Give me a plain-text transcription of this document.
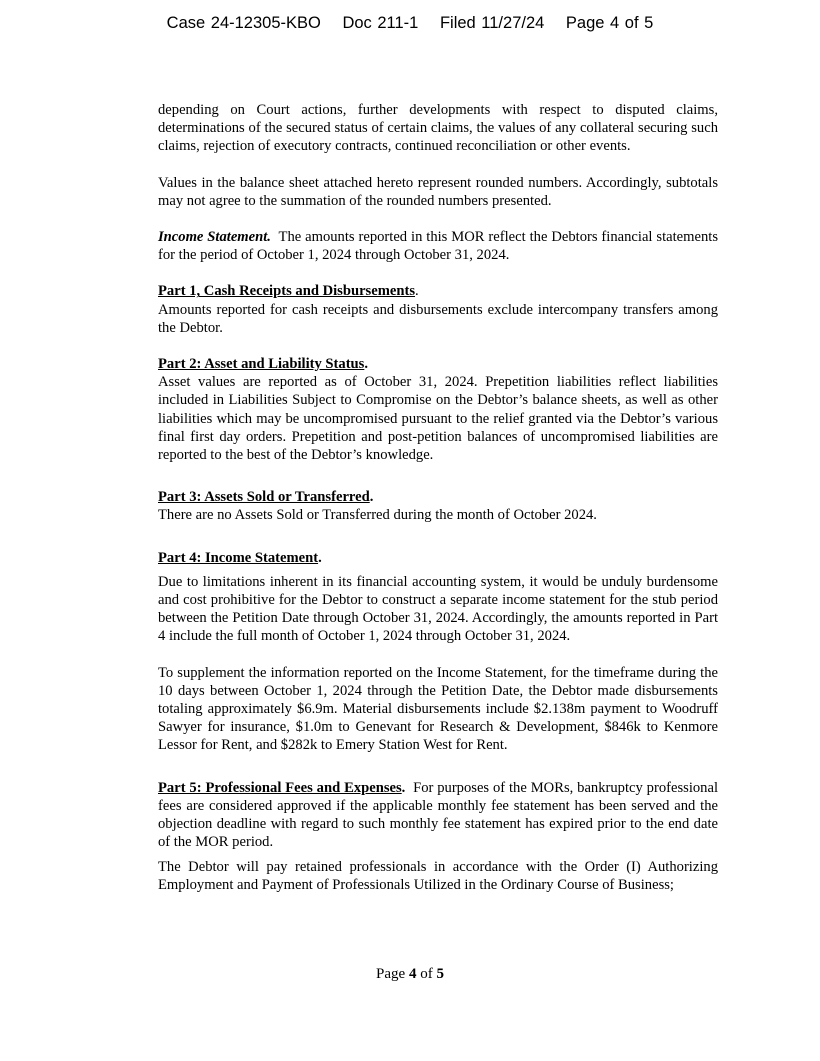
Case 24-12305-KBO Doc 211-1 Filed 11/27/24 Page 4 of 5

depending on Court actions, further developments with respect to disputed claims, determinations of the secured status of certain claims, the values of any collateral securing such claims, rejection of executory contracts, continued reconciliation or other events.

Values in the balance sheet attached hereto represent rounded numbers. Accordingly, subtotals may not agree to the summation of the rounded numbers presented.

Income Statement. The amounts reported in this MOR reflect the Debtors financial statements for the period of October 1, 2024 through October 31, 2024.

Part 1, Cash Receipts and Disbursements.

Amounts reported for cash receipts and disbursements exclude intercompany transfers among the Debtor.

Part 2: Asset and Liability Status.

Asset values are reported as of October 31, 2024. Prepetition liabilities reflect liabilities included in Liabilities Subject to Compromise on the Debtor’s balance sheets, as well as other liabilities which may be uncompromised pursuant to the relief granted via the Debtor’s various final first day orders. Prepetition and post-petition balances of uncompromised liabilities are reported to the best of the Debtor’s knowledge.

Part 3: Assets Sold or Transferred.

There are no Assets Sold or Transferred during the month of October 2024.

Part 4: Income Statement.

Due to limitations inherent in its financial accounting system, it would be unduly burdensome and cost prohibitive for the Debtor to construct a separate income statement for the stub period between the Petition Date through October 31, 2024. Accordingly, the amounts reported in Part 4 include the full month of October 1, 2024 through October 31, 2024.

To supplement the information reported on the Income Statement, for the timeframe during the 10 days between October 1, 2024 through the Petition Date, the Debtor made disbursements totaling approximately $6.9m. Material disbursements include $2.138m payment to Woodruff Sawyer for insurance, $1.0m to Genevant for Research & Development, $846k to Kenmore Lessor for Rent, and $282k to Emery Station West for Rent.

Part 5: Professional Fees and Expenses. For purposes of the MORs, bankruptcy professional fees are considered approved if the applicable monthly fee statement has been served and the objection deadline with regard to such monthly fee statement has expired prior to the end date of the MOR period.

The Debtor will pay retained professionals in accordance with the Order (I) Authorizing Employment and Payment of Professionals Utilized in the Ordinary Course of Business;

Page 4 of 5
